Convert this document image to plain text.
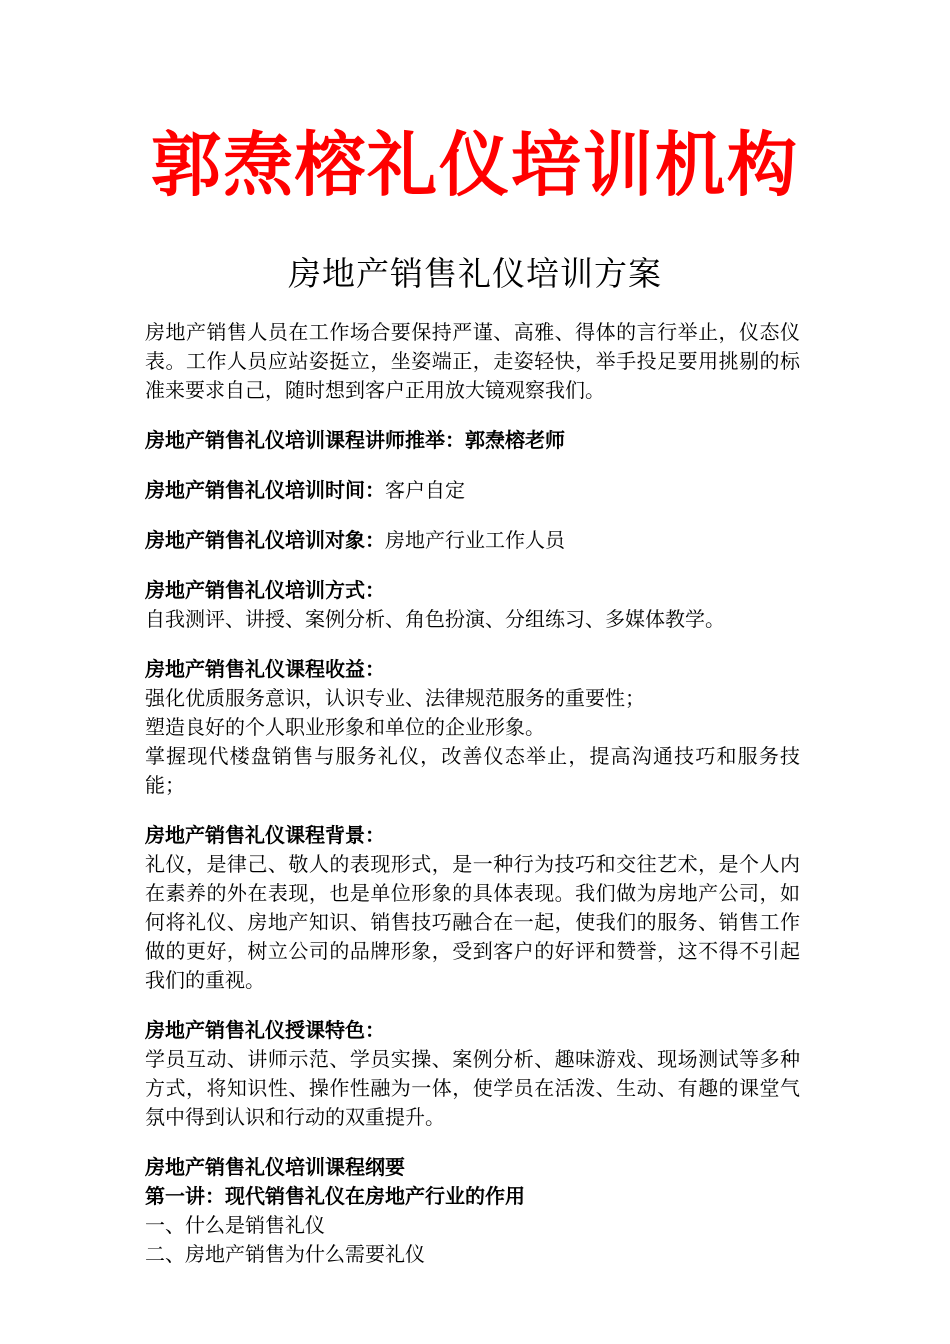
郭焘榕礼仪培训机构
房地产销售礼仪培训方案

房地产销售人员在工作场合要保持严谨、高雅、得体的言行举止，仪态仪表。工作人员应站姿挺立，坐姿端正，走姿轻快，举手投足要用挑剔的标准来要求自己，随时想到客户正用放大镜观察我们。

房地产销售礼仪培训课程讲师推举：郭焘榕老师

房地产销售礼仪培训时间：客户自定

房地产销售礼仪培训对象：房地产行业工作人员

房地产销售礼仪培训方式：

自我测评、讲授、案例分析、角色扮演、分组练习、多媒体教学。

房地产销售礼仪课程收益：

强化优质服务意识，认识专业、法律规范服务的重要性；

塑造良好的个人职业形象和单位的企业形象。

掌握现代楼盘销售与服务礼仪，改善仪态举止，提高沟通技巧和服务技能；

房地产销售礼仪课程背景：

礼仪，是律己、敬人的表现形式，是一种行为技巧和交往艺术，是个人内在素养的外在表现，也是单位形象的具体表现。我们做为房地产公司，如何将礼仪、房地产知识、销售技巧融合在一起，使我们的服务、销售工作做的更好，树立公司的品牌形象，受到客户的好评和赞誉，这不得不引起我们的重视。

房地产销售礼仪授课特色：

学员互动、讲师示范、学员实操、案例分析、趣味游戏、现场测试等多种方式，将知识性、操作性融为一体，使学员在活泼、生动、有趣的课堂气氛中得到认识和行动的双重提升。

房地产销售礼仪培训课程纲要

第一讲：现代销售礼仪在房地产行业的作用

一、什么是销售礼仪

二、房地产销售为什么需要礼仪
